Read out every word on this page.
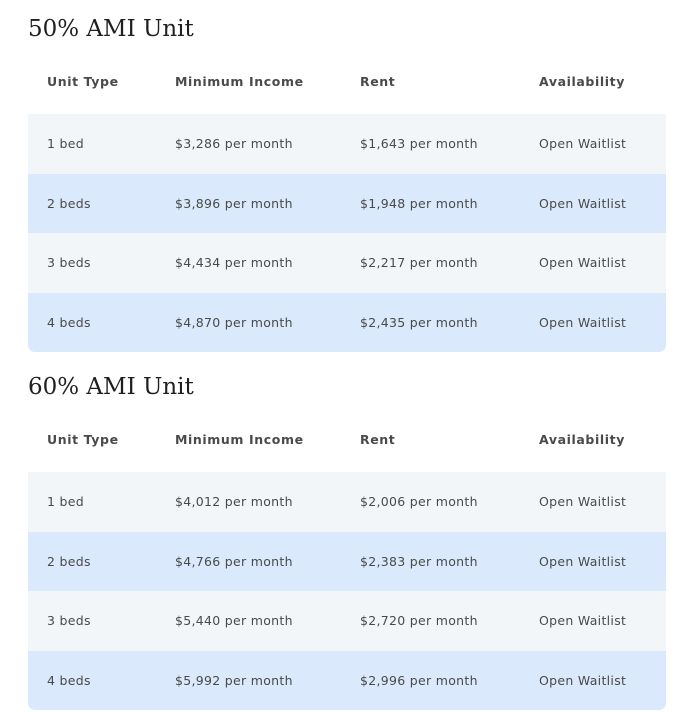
50% AMI Unit
Unit Type	Minimum Income	Rent	Availability
1 bed	$3,286 per month	$1,643 per month	Open Waitlist
2 beds	$3,896 per month	$1,948 per month	Open Waitlist
3 beds	$4,434 per month	$2,217 per month	Open Waitlist
4 beds	$4,870 per month	$2,435 per month	Open Waitlist
60% AMI Unit
Unit Type	Minimum Income	Rent	Availability
1 bed	$4,012 per month	$2,006 per month	Open Waitlist
2 beds	$4,766 per month	$2,383 per month	Open Waitlist
3 beds	$5,440 per month	$2,720 per month	Open Waitlist
4 beds	$5,992 per month	$2,996 per month	Open Waitlist
